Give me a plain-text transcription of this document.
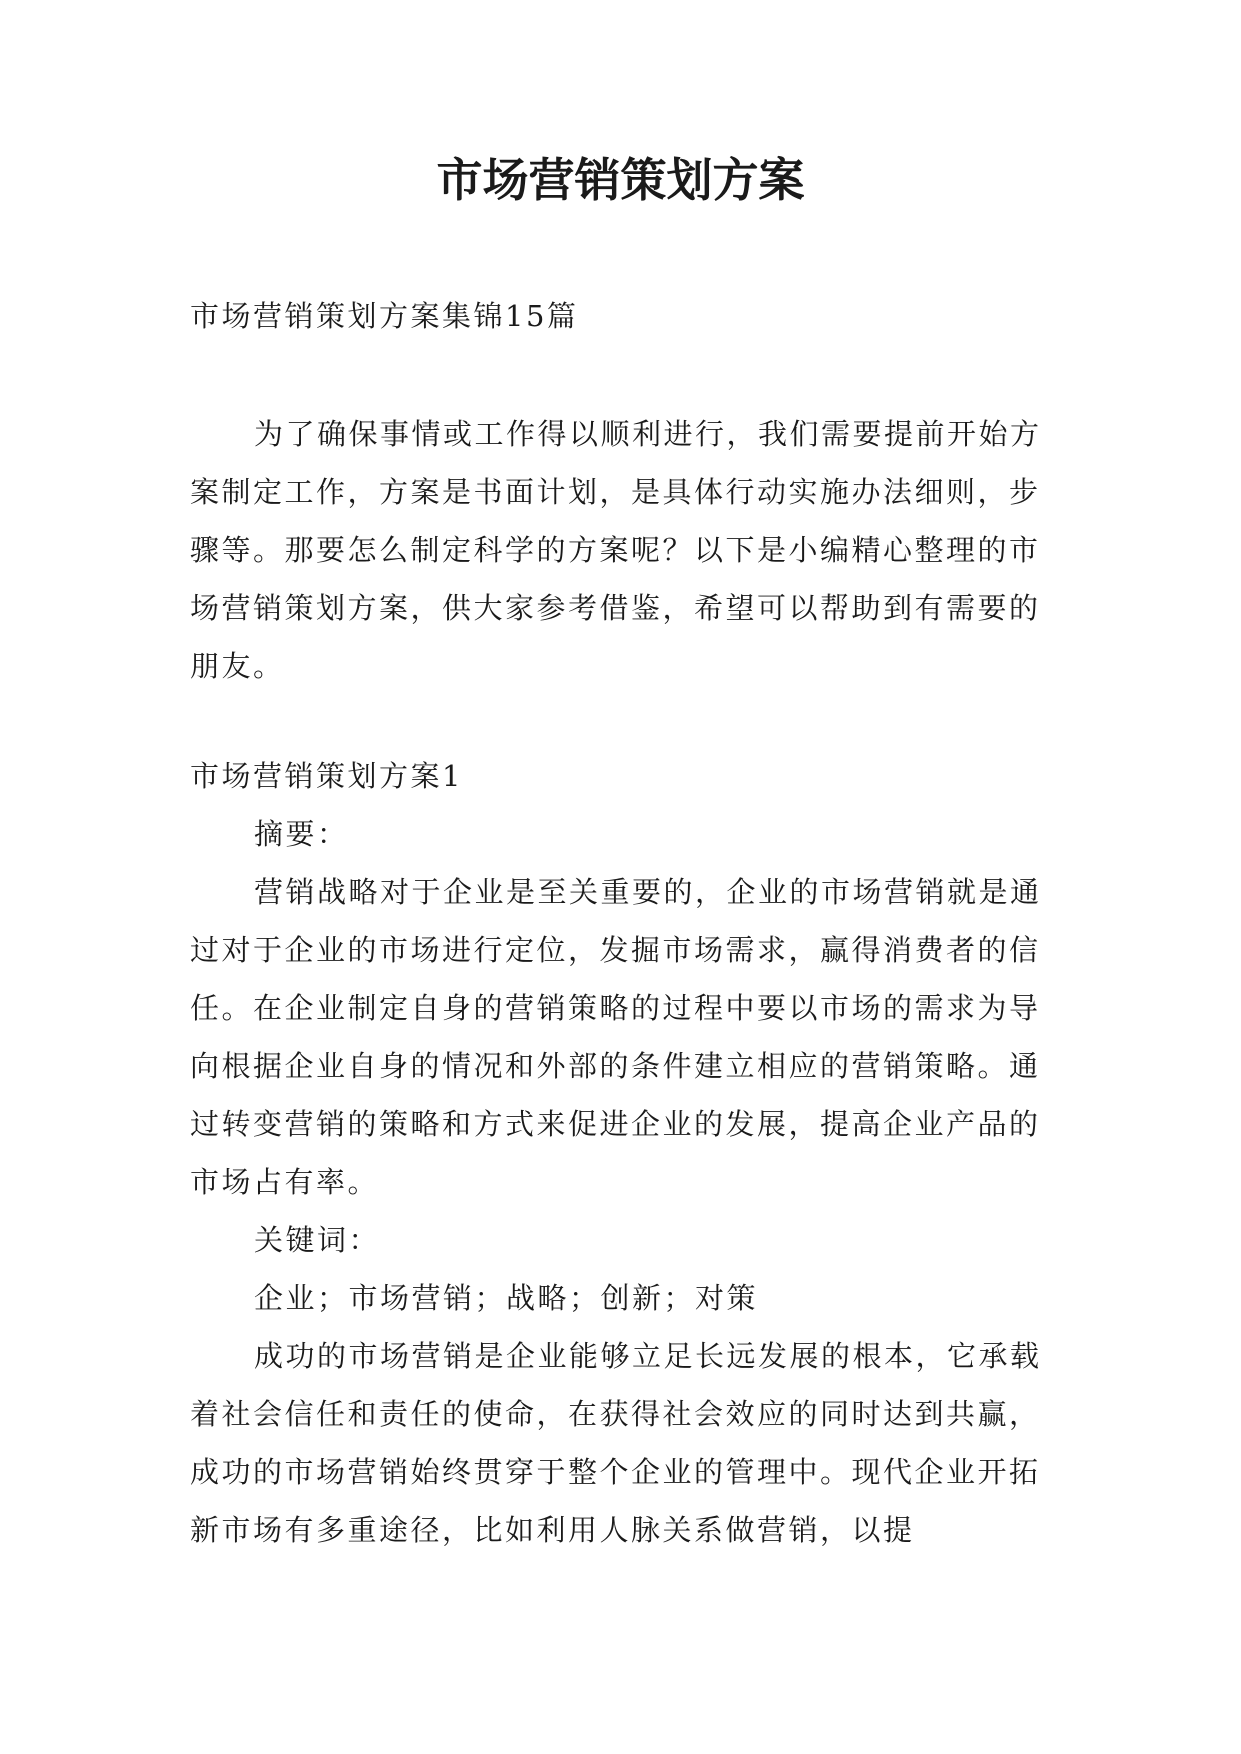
市场营销策划方案

市场营销策划方案集锦15篇

为了确保事情或工作得以顺利进行，我们需要提前开始方案制定工作，方案是书面计划，是具体行动实施办法细则，步骤等。那要怎么制定科学的方案呢？以下是小编精心整理的市场营销策划方案，供大家参考借鉴，希望可以帮助到有需要的朋友。

市场营销策划方案1

摘要：

营销战略对于企业是至关重要的，企业的市场营销就是通过对于企业的市场进行定位，发掘市场需求，赢得消费者的信任。在企业制定自身的营销策略的过程中要以市场的需求为导向根据企业自身的情况和外部的条件建立相应的营销策略。通过转变营销的策略和方式来促进企业的发展，提高企业产品的市场占有率。

关键词：

企业；市场营销；战略；创新；对策

成功的市场营销是企业能够立足长远发展的根本，它承载着社会信任和责任的使命，在获得社会效应的同时达到共赢，成功的市场营销始终贯穿于整个企业的管理中。现代企业开拓新市场有多重途径，比如利用人脉关系做营销，以提
